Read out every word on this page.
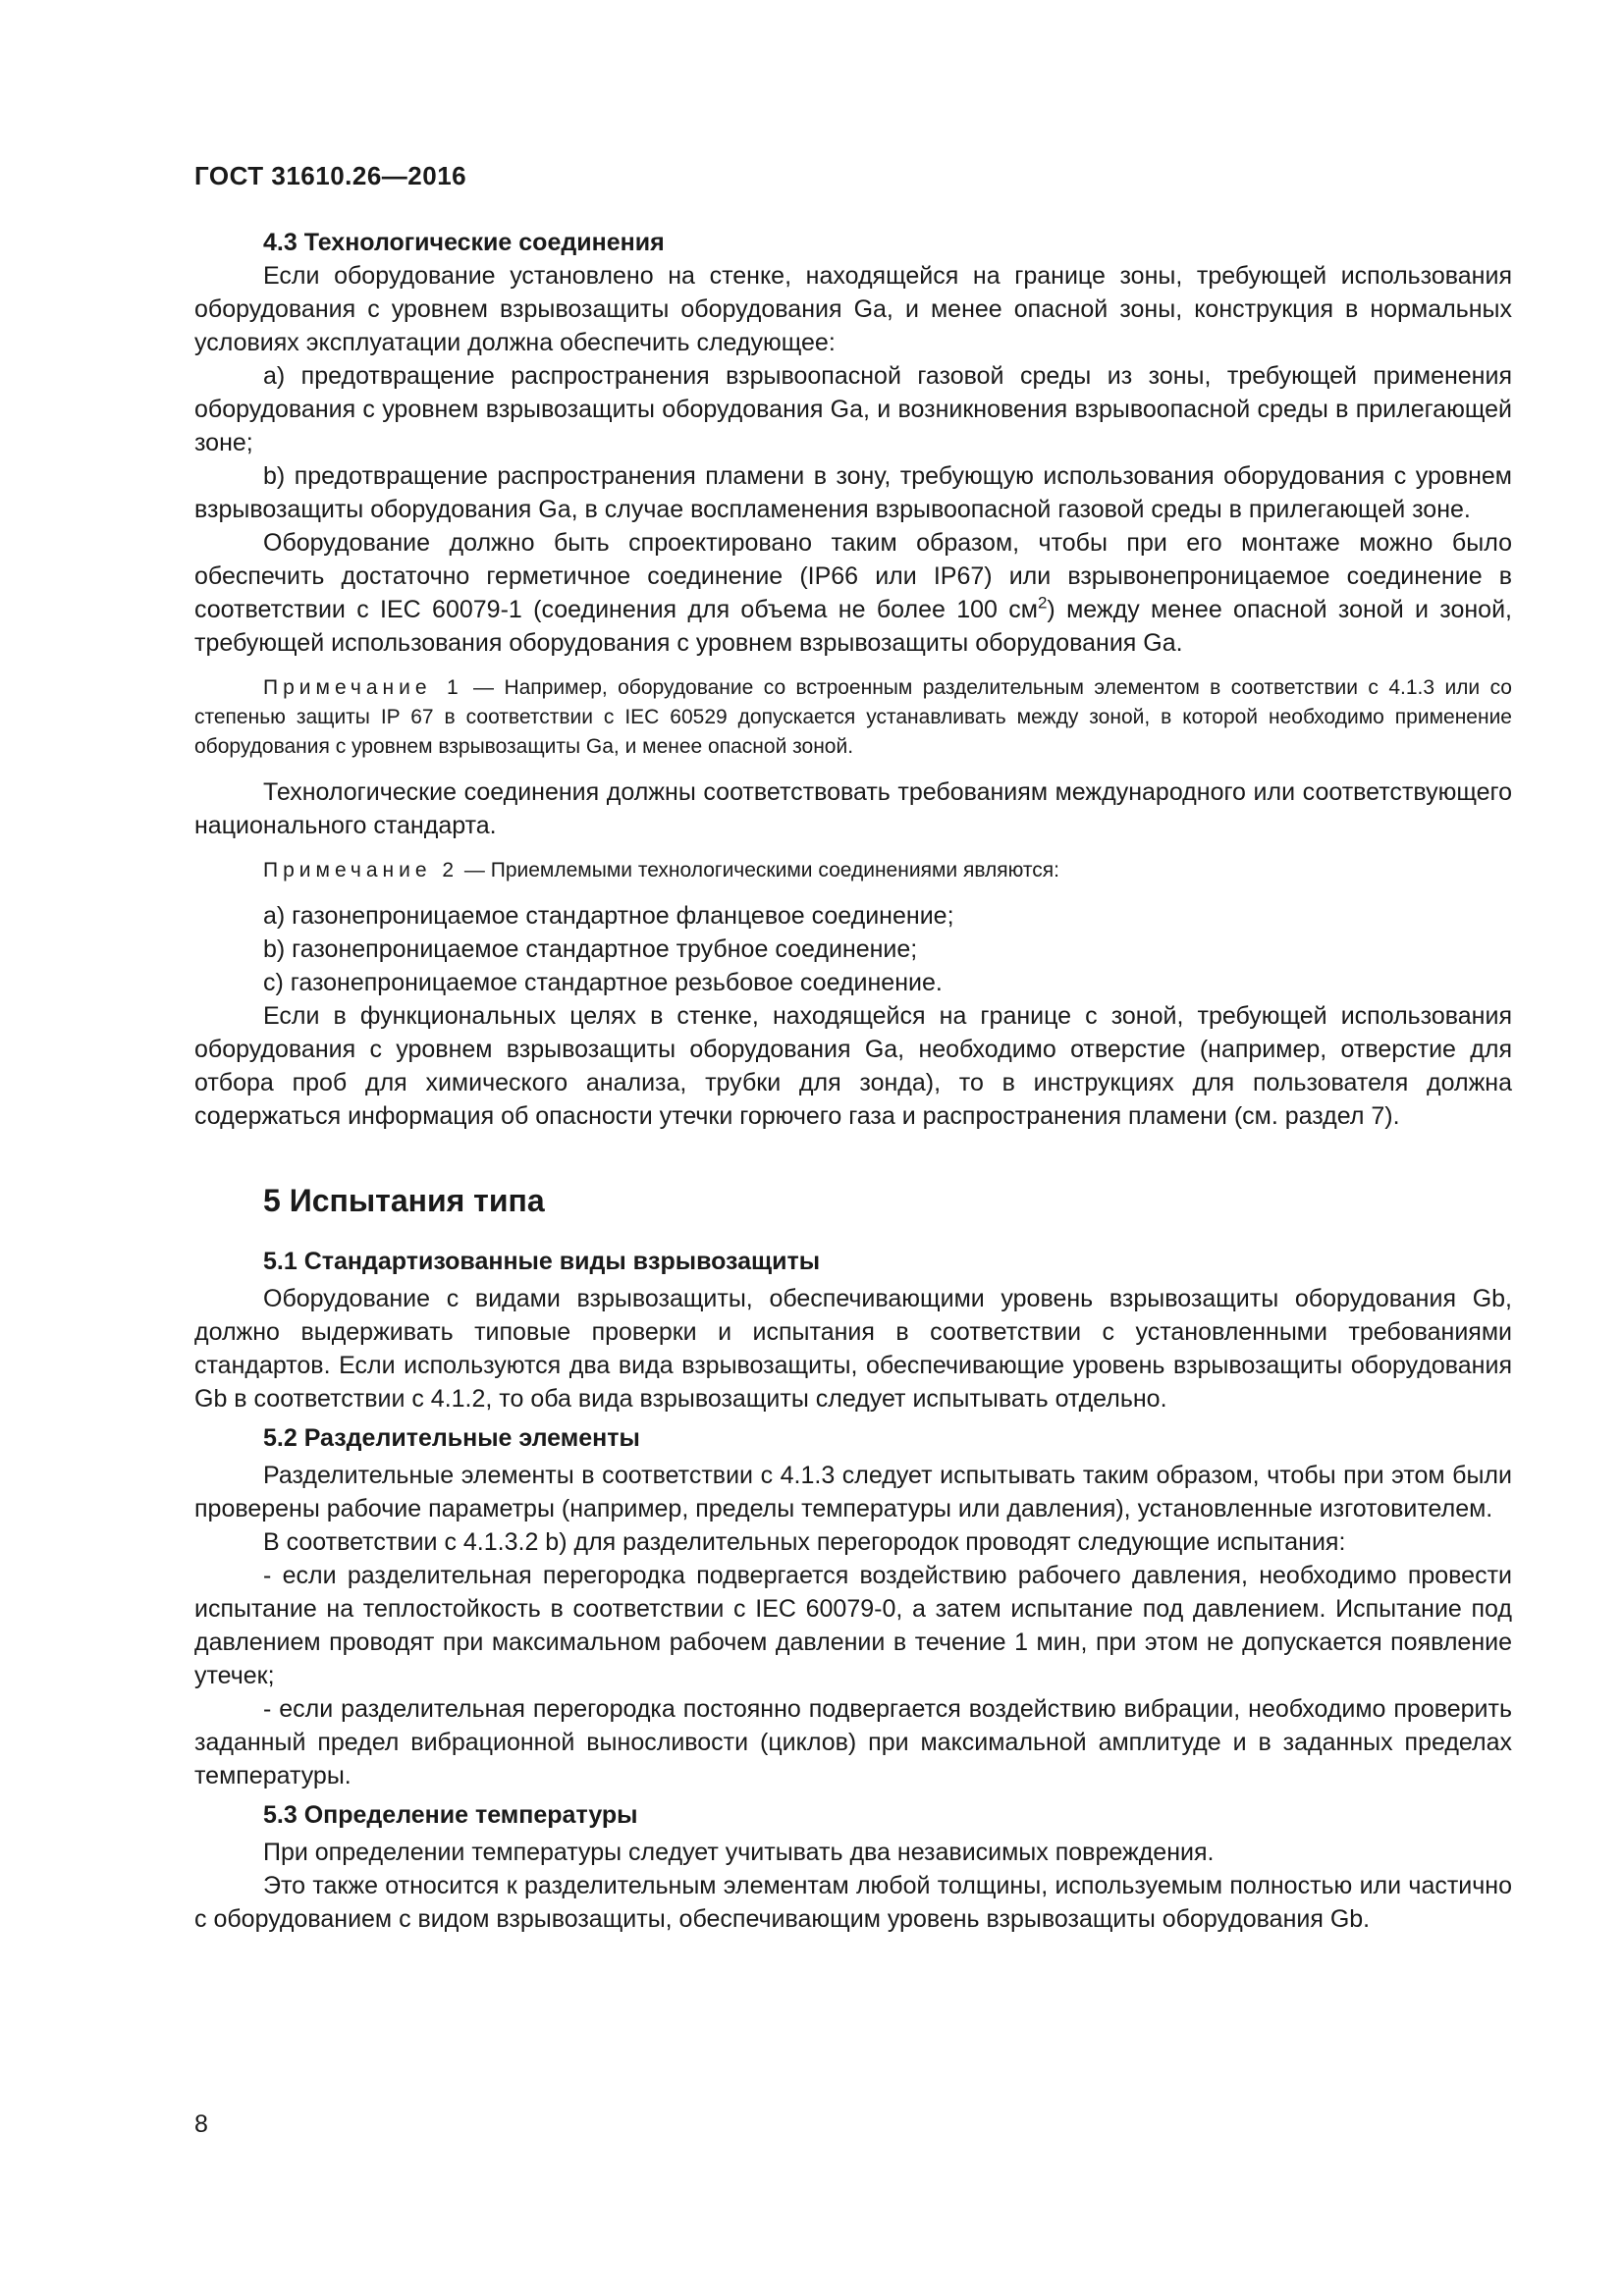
ГОСТ 31610.26—2016
4.3 Технологические соединения

Если оборудование установлено на стенке, находящейся на границе зоны, требующей использования оборудования с уровнем взрывозащиты оборудования Ga, и менее опасной зоны, конструкция в нормальных условиях эксплуатации должна обеспечить следующее:

a) предотвращение распространения взрывоопасной газовой среды из зоны, требующей применения оборудования с уровнем взрывозащиты оборудования Ga, и возникновения взрывоопасной среды в прилегающей зоне;

b) предотвращение распространения пламени в зону, требующую использования оборудования с уровнем взрывозащиты оборудования Ga, в случае воспламенения взрывоопасной газовой среды в прилегающей зоне.

Оборудование должно быть спроектировано таким образом, чтобы при его монтаже можно было обеспечить достаточно герметичное соединение (IP66 или IP67) или взрывонепроницаемое соединение в соответствии с IEC 60079-1 (соединения для объема не более 100 $см^2$) между менее опасной зоной и зоной, требующей использования оборудования с уровнем взрывозащиты оборудования Ga.

Примечание 1 — Например, оборудование со встроенным разделительным элементом в соответствии с 4.1.3 или со степенью защиты IP 67 в соответствии с IEC 60529 допускается устанавливать между зоной, в которой необходимо применение оборудования с уровнем взрывозащиты Ga, и менее опасной зоной.

Технологические соединения должны соответствовать требованиям международного или соответствующего национального стандарта.

Примечание 2 — Приемлемыми технологическими соединениями являются:

a) газонепроницаемое стандартное фланцевое соединение;
b) газонепроницаемое стандартное трубное соединение;
c) газонепроницаемое стандартное резьбовое соединение.

Если в функциональных целях в стенке, находящейся на границе с зоной, требующей использования оборудования с уровнем взрывозащиты оборудования Ga, необходимо отверстие (например, отверстие для отбора проб для химического анализа, трубки для зонда), то в инструкциях для пользователя должна содержаться информация об опасности утечки горючего газа и распространения пламени (см. раздел 7).

5 Испытания типа
5.1 Стандартизованные виды взрывозащиты

Оборудование с видами взрывозащиты, обеспечивающими уровень взрывозащиты оборудования Gb, должно выдерживать типовые проверки и испытания в соответствии с установленными требованиями стандартов. Если используются два вида взрывозащиты, обеспечивающие уровень взрывозащиты оборудования Gb в соответствии с 4.1.2, то оба вида взрывозащиты следует испытывать отдельно.

5.2 Разделительные элементы

Разделительные элементы в соответствии с 4.1.3 следует испытывать таким образом, чтобы при этом были проверены рабочие параметры (например, пределы температуры или давления), установленные изготовителем.

В соответствии с 4.1.3.2 b) для разделительных перегородок проводят следующие испытания:

- если разделительная перегородка подвергается воздействию рабочего давления, необходимо провести испытание на теплостойкость в соответствии с IEC 60079-0, а затем испытание под давлением. Испытание под давлением проводят при максимальном рабочем давлении в течение 1 мин, при этом не допускается появление утечек;

- если разделительная перегородка постоянно подвергается воздействию вибрации, необходимо проверить заданный предел вибрационной выносливости (циклов) при максимальной амплитуде и в заданных пределах температуры.

5.3 Определение температуры

При определении температуры следует учитывать два независимых повреждения.

Это также относится к разделительным элементам любой толщины, используемым полностью или частично с оборудованием с видом взрывозащиты, обеспечивающим уровень взрывозащиты оборудования Gb.

8
